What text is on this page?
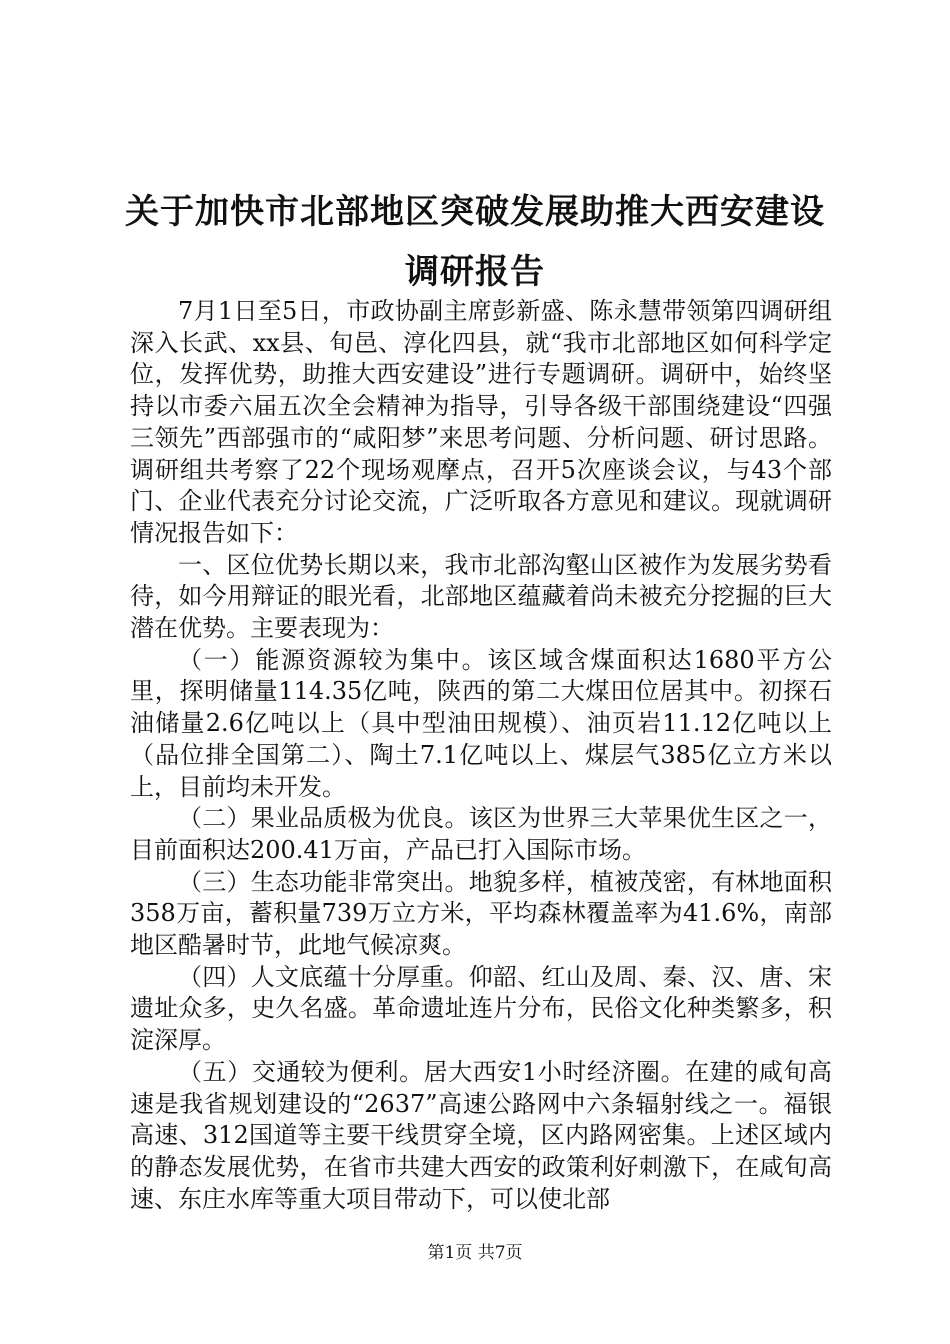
关于加快市北部地区突破发展助推大西安建设
调研报告

7月1日至5日，市政协副主席彭新盛、陈永慧带领第四调研组深入长武、xx县、旬邑、淳化四县，就“我市北部地区如何科学定位，发挥优势，助推大西安建设”进行专题调研。调研中，始终坚持以市委六届五次全会精神为指导，引导各级干部围绕建设“四强三领先”西部强市的“咸阳梦”来思考问题、分析问题、研讨思路。调研组共考察了22个现场观摩点，召开5次座谈会议，与43个部门、企业代表充分讨论交流，广泛听取各方意见和建议。现就调研情况报告如下：

一、区位优势长期以来，我市北部沟壑山区被作为发展劣势看待，如今用辩证的眼光看，北部地区蕴藏着尚未被充分挖掘的巨大潜在优势。主要表现为：

（一）能源资源较为集中。该区域含煤面积达1680平方公里，探明储量114.35亿吨，陕西的第二大煤田位居其中。初探石油储量2.6亿吨以上（具中型油田规模）、油页岩11.12亿吨以上（品位排全国第二）、陶土7.1亿吨以上、煤层气385亿立方米以上，目前均未开发。

（二）果业品质极为优良。该区为世界三大苹果优生区之一，目前面积达200.41万亩，产品已打入国际市场。

（三）生态功能非常突出。地貌多样，植被茂密，有林地面积358万亩，蓄积量739万立方米，平均森林覆盖率为41.6%，南部地区酷暑时节，此地气候凉爽。

（四）人文底蕴十分厚重。仰韶、红山及周、秦、汉、唐、宋遗址众多，史久名盛。革命遗址连片分布，民俗文化种类繁多，积淀深厚。

（五）交通较为便利。居大西安1小时经济圈。在建的咸旬高速是我省规划建设的“2637”高速公路网中六条辐射线之一。福银高速、312国道等主要干线贯穿全境，区内路网密集。上述区域内的静态发展优势，在省市共建大西安的政策利好刺激下，在咸旬高速、东庄水库等重大项目带动下，可以使北部

第1页 共7页
